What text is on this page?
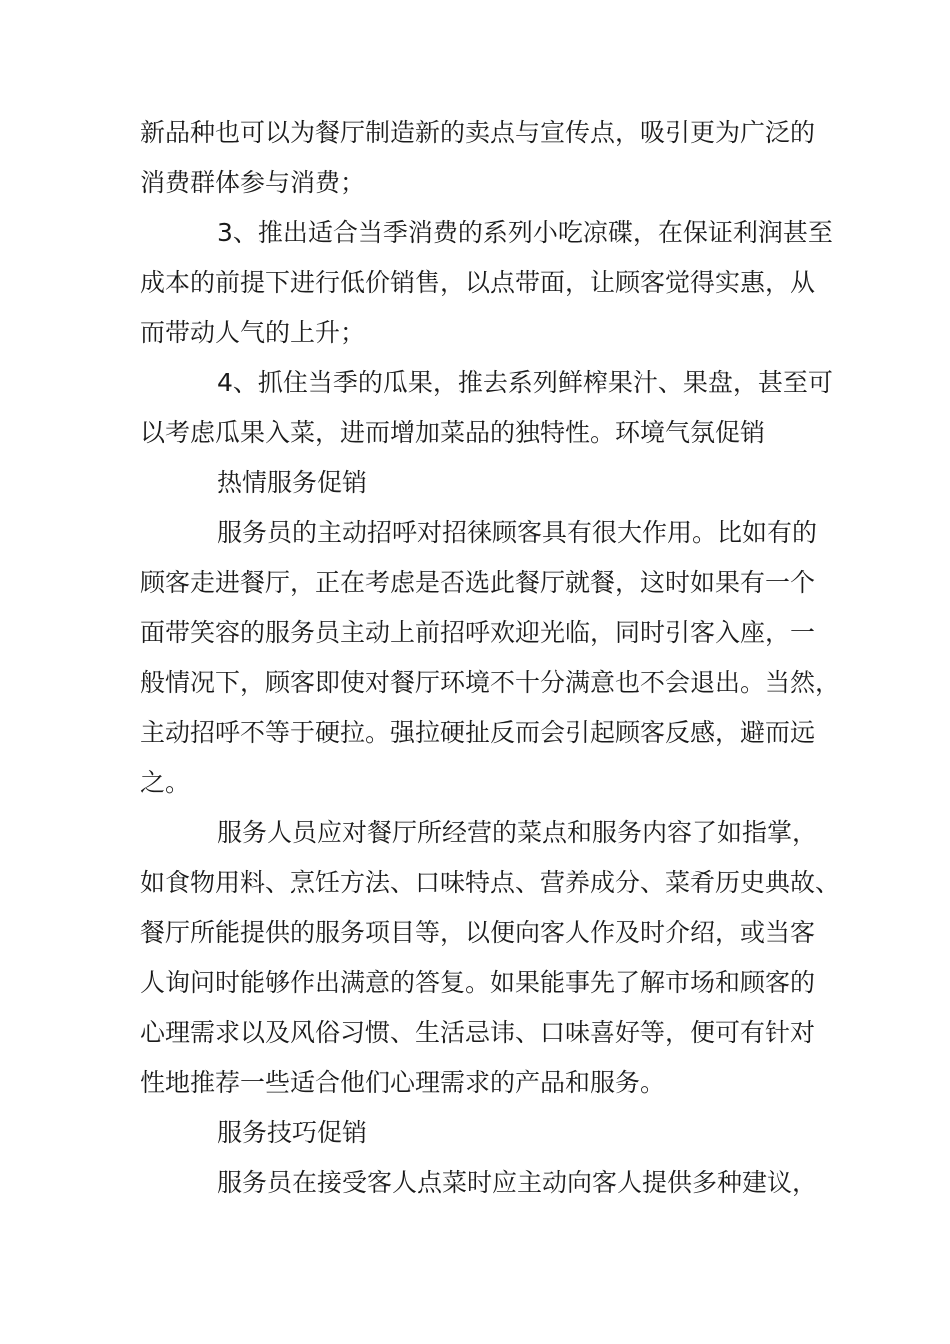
新品种也可以为餐厅制造新的卖点与宣传点，吸引更为广泛的
消费群体参与消费；
3、推出适合当季消费的系列小吃凉碟，在保证利润甚至
成本的前提下进行低价销售，以点带面，让顾客觉得实惠，从
而带动人气的上升；
4、抓住当季的瓜果，推去系列鲜榨果汁、果盘，甚至可
以考虑瓜果入菜，进而增加菜品的独特性。环境气氛促销
热情服务促销
服务员的主动招呼对招徕顾客具有很大作用。比如有的
顾客走进餐厅，正在考虑是否选此餐厅就餐，这时如果有一个
面带笑容的服务员主动上前招呼欢迎光临，同时引客入座，一
般情况下，顾客即使对餐厅环境不十分满意也不会退出。当然，
主动招呼不等于硬拉。强拉硬扯反而会引起顾客反感，避而远
之。
服务人员应对餐厅所经营的菜点和服务内容了如指掌，
如食物用料、烹饪方法、口味特点、营养成分、菜肴历史典故、
餐厅所能提供的服务项目等，以便向客人作及时介绍，或当客
人询问时能够作出满意的答复。如果能事先了解市场和顾客的
心理需求以及风俗习惯、生活忌讳、口味喜好等，便可有针对
性地推荐一些适合他们心理需求的产品和服务。
服务技巧促销
服务员在接受客人点菜时应主动向客人提供多种建议，
